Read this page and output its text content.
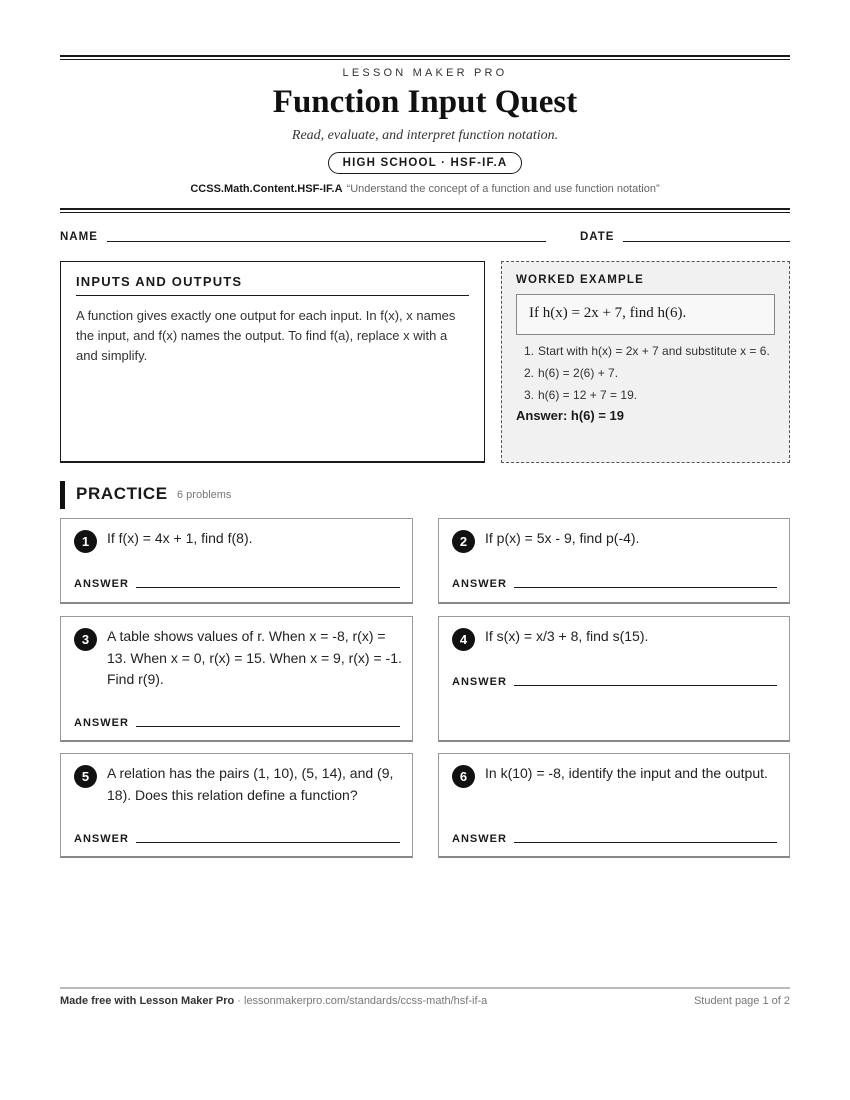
LESSON MAKER PRO
Function Input Quest
Read, evaluate, and interpret function notation.
HIGH SCHOOL · HSF-IF.A
CCSS.Math.Content.HSF-IF.A “Understand the concept of a function and use function notation”
NAME	DATE
INPUTS AND OUTPUTS
A function gives exactly one output for each input. In f(x), x names the input, and f(x) names the output. To find f(a), replace x with a and simplify.
WORKED EXAMPLE
If h(x) = 2x + 7, find h(6).
1. Start with h(x) = 2x + 7 and substitute x = 6.
2. h(6) = 2(6) + 7.
3. h(6) = 12 + 7 = 19.
Answer: h(6) = 19
PRACTICE 6 problems
1	If f(x) = 4x + 1, find f(8).
ANSWER
2	If p(x) = 5x - 9, find p(-4).
ANSWER
3	A table shows values of r. When x = -8, r(x) = 13. When x = 0, r(x) = 15. When x = 9, r(x) = -1. Find r(9).
ANSWER
4	If s(x) = x/3 + 8, find s(15).
ANSWER
5	A relation has the pairs (1, 10), (5, 14), and (9, 18). Does this relation define a function?
ANSWER
6	In k(10) = -8, identify the input and the output.
ANSWER
Made free with Lesson Maker Pro · lessonmakerpro.com/standards/ccss-math/hsf-if-a	Student page 1 of 2
